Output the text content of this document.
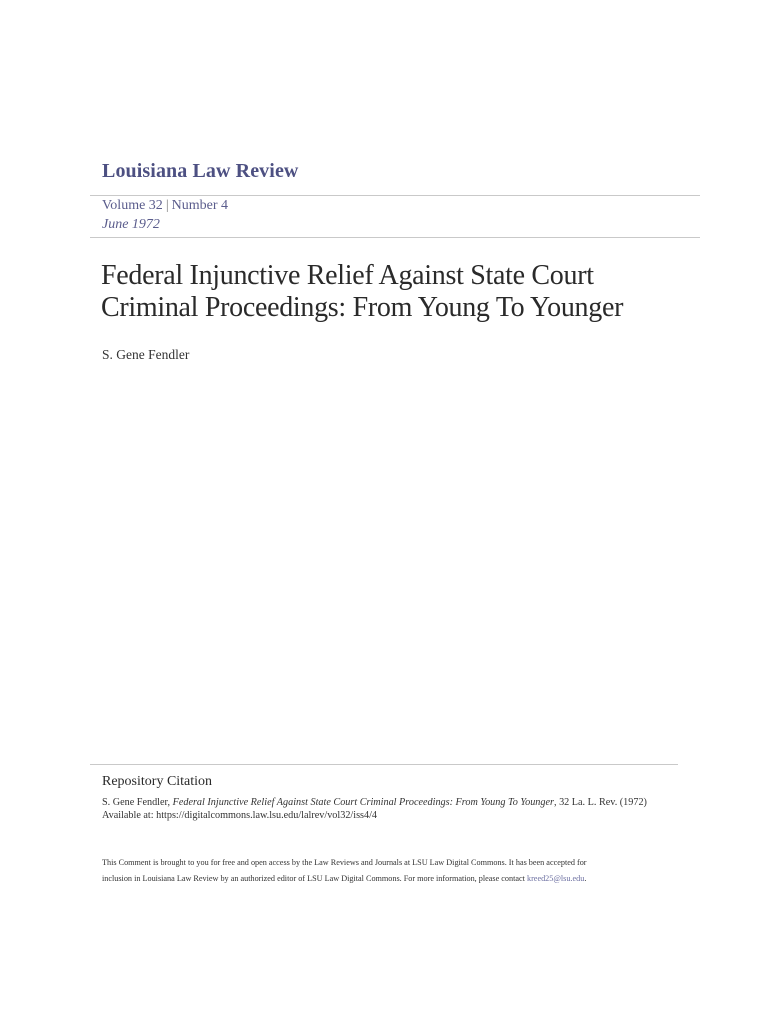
Louisiana Law Review
Volume 32 | Number 4
June 1972
Federal Injunctive Relief Against State Court
Criminal Proceedings: From Young To Younger
S. Gene Fendler
Repository Citation
S. Gene Fendler, Federal Injunctive Relief Against State Court Criminal Proceedings: From Young To Younger, 32 La. L. Rev. (1972)
Available at: https://digitalcommons.law.lsu.edu/lalrev/vol32/iss4/4
This Comment is brought to you for free and open access by the Law Reviews and Journals at LSU Law Digital Commons. It has been accepted for
inclusion in Louisiana Law Review by an authorized editor of LSU Law Digital Commons. For more information, please contact kreed25@lsu.edu.
